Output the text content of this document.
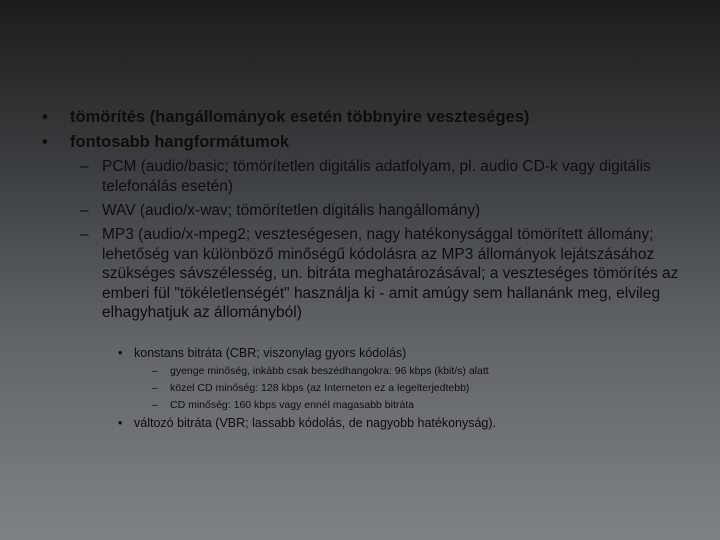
•	tömörítés (hangállományok esetén többnyire veszteséges)
•	fontosabb hangformátumok
– PCM (audio/basic; tömörítetlen digitális adatfolyam, pl. audio CD-k vagy digitális telefonálás esetén)
– WAV (audio/x-wav; tömörítetlen digitális hangállomány)
– MP3 (audio/x-mpeg2; veszteségesen, nagy hatékonysággal tömörített állomány; lehetőség van különböző minőségű kódolásra az MP3 állományok lejátszásához szükséges sávszélesség, un. bitráta meghatározásával; a veszteséges tömörítés az emberi fül "tökéletlenségét" használja ki - amit amúgy sem hallanánk meg, elvileg elhagyhatjuk az állományból)
• konstans bitráta (CBR; viszonylag gyors kódolás)
–	gyenge minőség, inkább csak beszédhangokra: 96 kbps (kbit/s) alatt
–	közel CD minőség: 128 kbps (az Interneten ez a legelterjedtebb)
–	CD minőség: 160 kbps vagy ennél magasabb bitráta
• változó bitráta (VBR; lassabb kódolás, de nagyobb hatékonyság).
